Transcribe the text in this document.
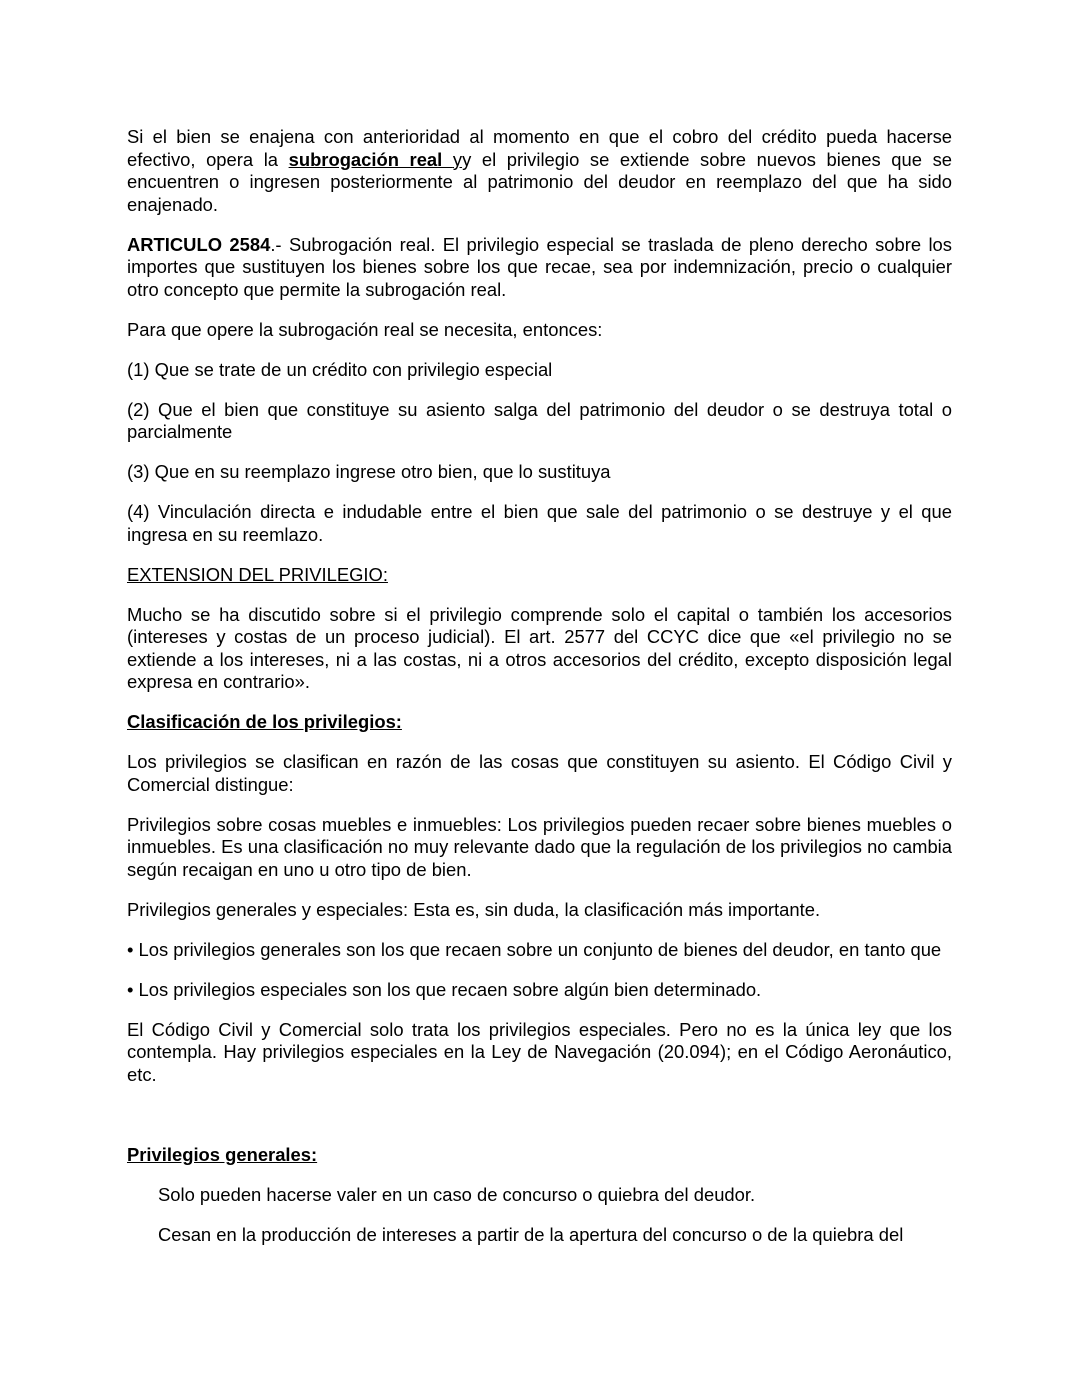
Si el bien se enajena con anterioridad al momento en que el cobro del crédito pueda hacerse efectivo, opera la subrogación real yy el privilegio se extiende sobre nuevos bienes que se encuentren o ingresen posteriormente al patrimonio del deudor en reemplazo del que ha sido enajenado.

ARTICULO 2584.- Subrogación real. El privilegio especial se traslada de pleno derecho sobre los importes que sustituyen los bienes sobre los que recae, sea por indemnización, precio o cualquier otro concepto que permite la subrogación real.

Para que opere la subrogación real se necesita, entonces:

(1) Que se trate de un crédito con privilegio especial

(2) Que el bien que constituye su asiento salga del patrimonio del deudor o se destruya total o parcialmente

(3) Que en su reemplazo ingrese otro bien, que lo sustituya

(4) Vinculación directa e indudable entre el bien que sale del patrimonio o se destruye y el que ingresa en su reemlazo.

EXTENSION DEL PRIVILEGIO:

Mucho se ha discutido sobre si el privilegio comprende solo el capital o también los accesorios (intereses y costas de un proceso judicial). El art. 2577 del CCYC dice que «el privilegio no se extiende a los intereses, ni a las costas, ni a otros accesorios del crédito, excepto disposición legal expresa en contrario».

Clasificación de los privilegios:

Los privilegios se clasifican en razón de las cosas que constituyen su asiento. El Código Civil y Comercial distingue:

Privilegios sobre cosas muebles e inmuebles: Los privilegios pueden recaer sobre bienes muebles o inmuebles. Es una clasificación no muy relevante dado que la regulación de los privilegios no cambia según recaigan en uno u otro tipo de bien.

Privilegios generales y especiales: Esta es, sin duda, la clasificación más importante.

• Los privilegios generales son los que recaen sobre un conjunto de bienes del deudor, en tanto que

• Los privilegios especiales son los que recaen sobre algún bien determinado.

El Código Civil y Comercial solo trata los privilegios especiales. Pero no es la única ley que los contempla. Hay privilegios especiales en la Ley de Navegación (20.094); en el Código Aeronáutico, etc.

Privilegios generales:

Solo pueden hacerse valer en un caso de concurso o quiebra del deudor.

Cesan en la producción de intereses a partir de la apertura del concurso o de la quiebra del
